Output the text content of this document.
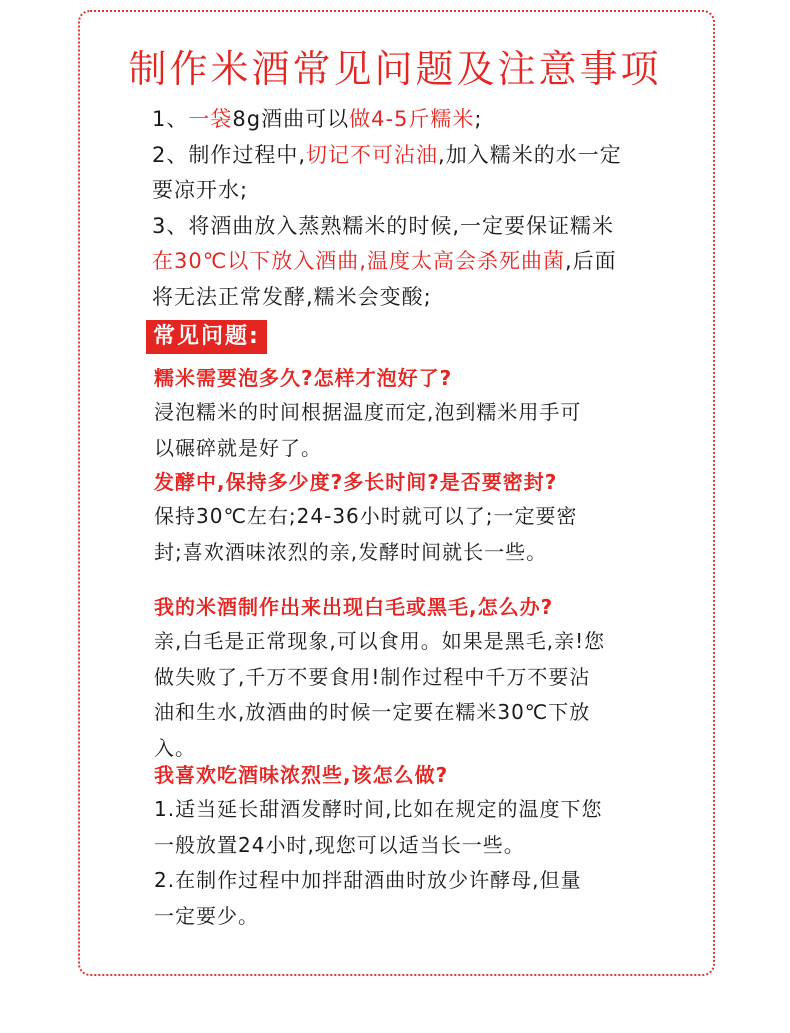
制作米酒常见问题及注意事项

1、一袋8g酒曲可以做4-5斤糯米;

2、制作过程中,切记不可沾油,加入糯米的水一定

要凉开水;

3、将酒曲放入蒸熟糯米的时候,一定要保证糯米

在30℃以下放入酒曲,温度太高会杀死曲菌,后面

将无法正常发酵,糯米会变酸;

常见问题:

糯米需要泡多久?怎样才泡好了?

浸泡糯米的时间根据温度而定,泡到糯米用手可

以碾碎就是好了。

发酵中,保持多少度?多长时间?是否要密封?

保持30℃左右;24-36小时就可以了;一定要密

封;喜欢酒味浓烈的亲,发酵时间就长一些。

我的米酒制作出来出现白毛或黑毛,怎么办?

亲,白毛是正常现象,可以食用。如果是黑毛,亲!您

做失败了,千万不要食用!制作过程中千万不要沾

油和生水,放酒曲的时候一定要在糯米30℃下放

入。

我喜欢吃酒味浓烈些,该怎么做?

1.适当延长甜酒发酵时间,比如在规定的温度下您

一般放置24小时,现您可以适当长一些。

2.在制作过程中加拌甜酒曲时放少许酵母,但量

一定要少。
